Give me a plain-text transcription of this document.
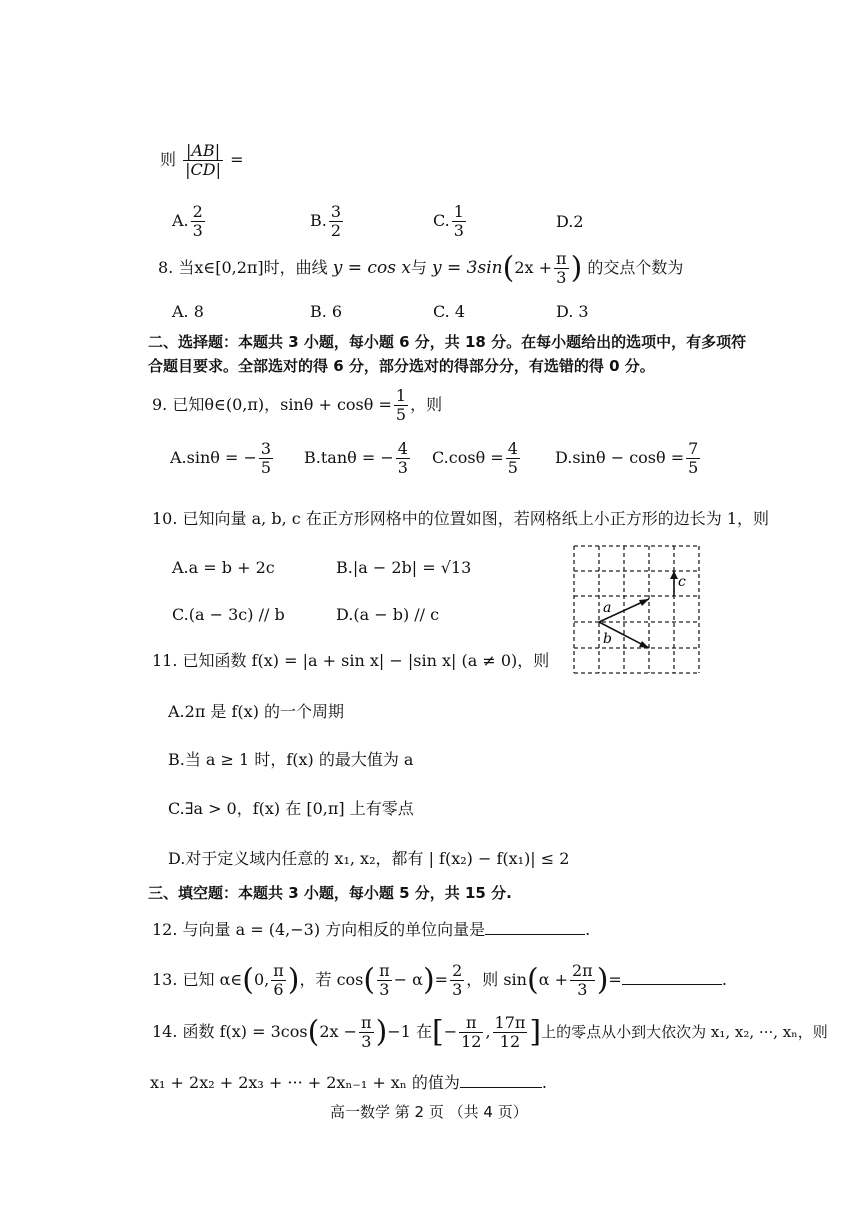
则 $\frac{|AB|}{|CD|}$ =
A. $\frac{2}{3}$	B. $\frac{3}{2}$	C. $\frac{1}{3}$	D.2
8. 当x∈[0,2π]时，曲线 y = cos x与 $y = 3\sin(2x + \frac{\pi}{3}$ ) 的交点个数为
A. 8	B. 6	C. 4	D. 3
二、选择题：本题共 3 小题，每小题 6 分，共 18 分。在每小题给出的选项中，有多项符
合题目要求。全部选对的得 6 分，部分选对的得部分分，有选错的得 0 分。
9. 已知θ∈(0,π)，$\sin\theta + \cos\theta = \frac{1}{5}$ ，则
A.sinθ = − $\frac{3}{5} B.\tan\theta$ = − $\frac{4}{3} C.\cos\theta = \frac{4}{5} D.\sin\theta - \cos\theta = \frac{7}{5}$
10. 已知向量 a, b, c 在正方形网格中的位置如图，若网格纸上小正方形的边长为 1，则
A.a = b + 2c	B.|a − 2b| = √13
C.(a − 3c) // b	D.(a − b) // c	a
b
c
11. 已知函数 f(x) = |a + sin x| − |sin x| (a ≠ 0)，则
A.2π 是 f(x) 的一个周期
B.当 a ≥ 1 时，f(x) 的最大值为 a
C.∃a > 0，f(x) 在 [0,π] 上有零点
D.对于定义域内任意的 x₁, x₂，都有 | f(x₂) − f(x₁)| ≤ 2
三、填空题：本题共 3 小题，每小题 5 分，共 15 分.
12. 与向量 a = (4,−3) 方向相反的单位向量是	.
13. 已知 α∈(0, $\frac{\pi}{6}$ )，若 $\cos( \frac{\pi}{3} - \alpha)= \frac{2}{3}$ ，则 $\sin(\alpha + \frac{2\pi}{3}$ )=	.
14. 函数 $f(x) = 3\cos(2x - \frac{\pi}{3} )-1$ 在[− $\frac{\pi}{12}$ , $\frac{17\pi}{12}$ ]上的零点从小到大依次为 x₁, x₂, ···, xₙ，则
x₁ + 2x₂ + 2x₃ + ··· + 2xₙ₋₁ + xₙ 的值为	.
高一数学 第 2 页 （共 4 页）
